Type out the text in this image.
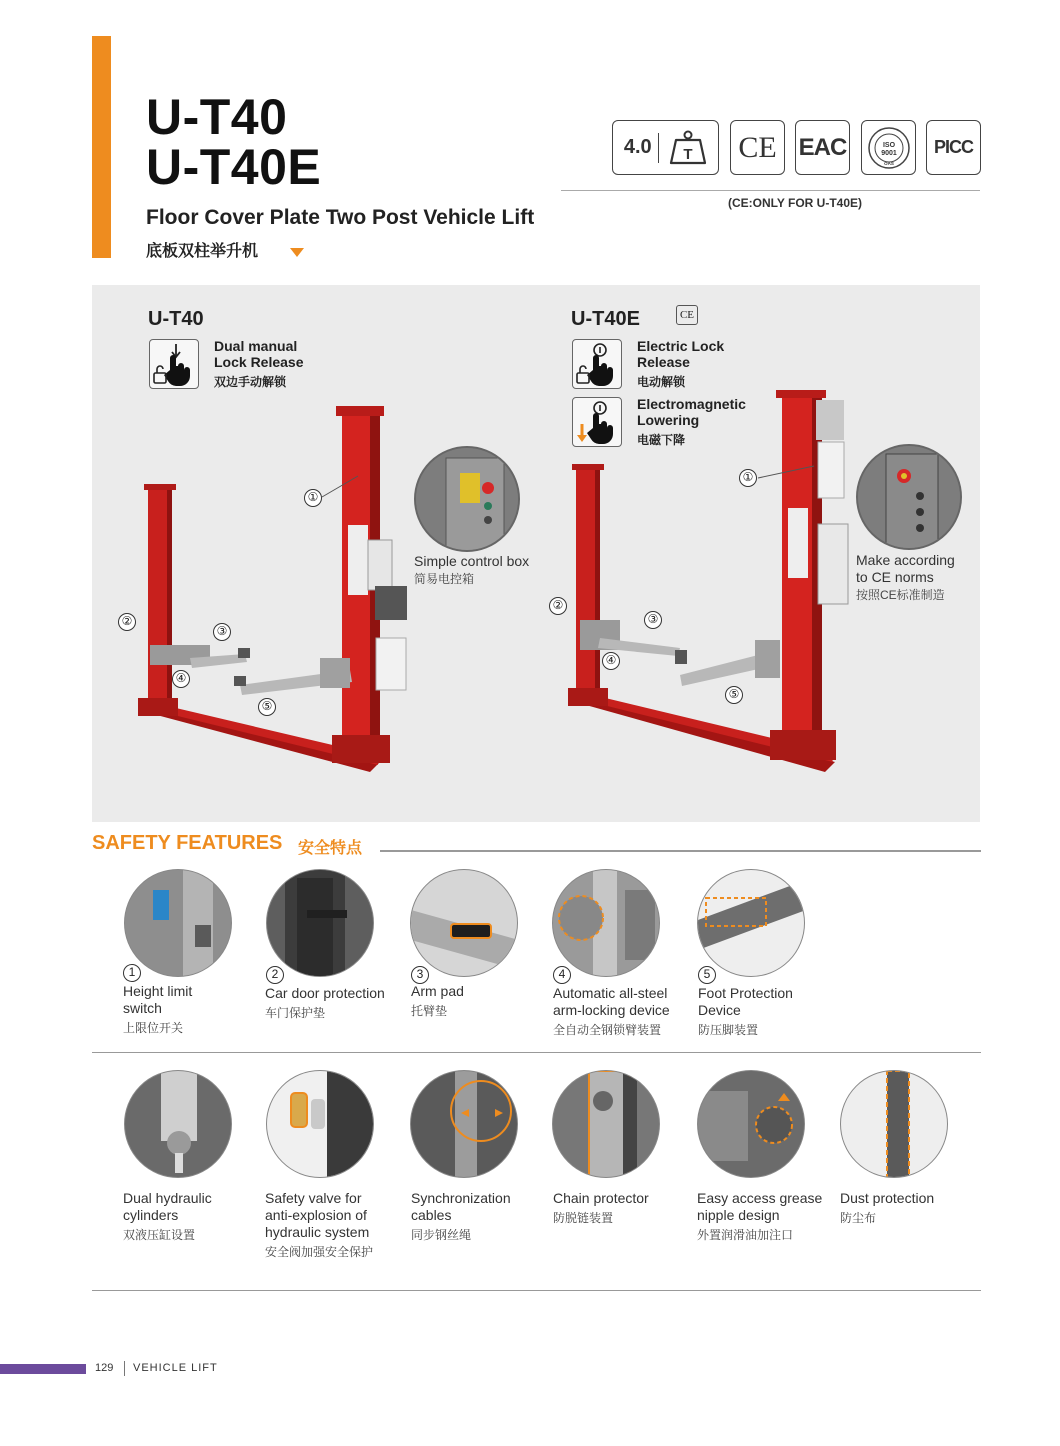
U-T40
U-T40E
Floor Cover Plate Two Post Vehicle Lift
底板双柱举升机
4.0 T CE EAC	ISO
9001
OAS
PICC
(CE:ONLY FOR U-T40E)
U-T40
Dual manual
Lock Release
双边手动解锁
①
②
③
④
⑤
Simple control box
简易电控箱
U-T40E	CE
Electric Lock
Release
电动解锁
Electromagnetic
Lowering
电磁下降
①
②
③
④
⑤
Make according
to CE norms
按照CE标准制造
SAFETY FEATURES 安全特点
1	2	3	4	5
Height limit
switch
上限位开关
Car door protection
车门保护垫
Arm pad
托臂垫
Automatic all-steel
arm-locking device
全自动全钢锁臂装置
Foot Protection
Device
防压脚装置
Dual hydraulic
cylinders
双液压缸设置
Safety valve for
anti-explosion of
hydraulic system
安全阀加强安全保护
Synchronization
cables
同步钢丝绳
Chain protector
防脱链装置
Easy access grease
nipple design
外置润滑油加注口
Dust protection
防尘布
129 VEHICLE LIFT
